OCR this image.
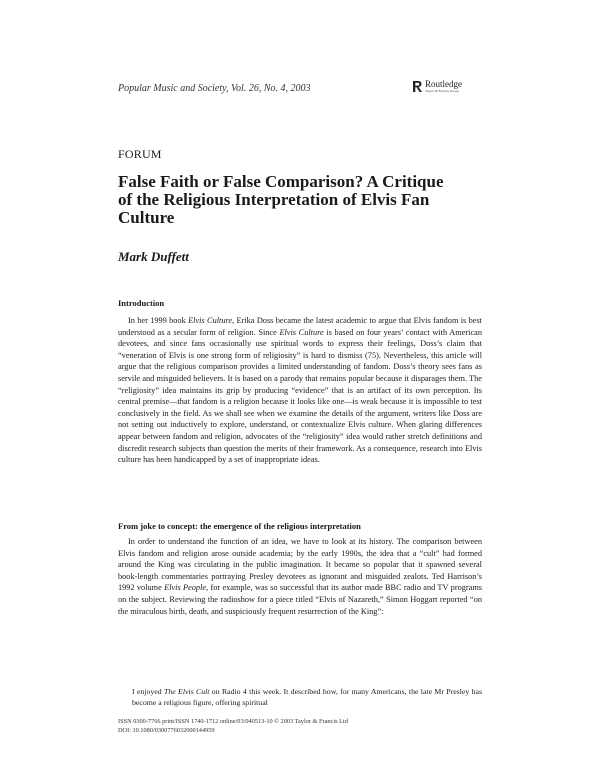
Popular Music and Society, Vol. 26, No. 4, 2003	Routledge
Taylor & Francis Group
FORUM
False Faith or False Comparison? A Critique of the Religious Interpretation of Elvis Fan Culture
Mark Duffett
Introduction

In her 1999 book Elvis Culture, Erika Doss became the latest academic to argue that Elvis fandom is best understood as a secular form of religion. Since Elvis Culture is based on four years’ contact with American devotees, and since fans occasionally use spiritual words to express their feelings, Doss’s claim that “veneration of Elvis is one strong form of religiosity” is hard to dismiss (75). Nevertheless, this article will argue that the religious comparison provides a limited understanding of fandom. Doss’s theory sees fans as servile and misguided believers. It is based on a parody that remains popular because it disparages them. The “religiosity” idea maintains its grip by producing “evidence” that is an artifact of its own perception. Its central premise—that fandom is a religion because it looks like one—is weak because it is impossible to test conclusively in the field. As we shall see when we examine the details of the argument, writers like Doss are not setting out inductively to explore, understand, or contextualize Elvis culture. When glaring differences appear between fandom and religion, advocates of the “religiosity” idea would rather stretch definitions and discredit research subjects than question the merits of their framework. As a consequence, research into Elvis culture has been handicapped by a set of inappropriate ideas.

From joke to concept: the emergence of the religious interpretation

In order to understand the function of an idea, we have to look at its history. The comparison between Elvis fandom and religion arose outside academia; by the early 1990s, the idea that a “cult” had formed around the King was circulating in the public imagination. It became so popular that it spawned several book-length commentaries portraying Presley devotees as ignorant and misguided zealots. Ted Harrison’s 1992 volume Elvis People, for example, was so successful that its author made BBC radio and TV programs on the subject. Reviewing the radioshow for a piece titled “Elvis of Nazareth,” Simon Hoggart reported “on the miraculous birth, death, and suspiciously frequent resurrection of the King”:

I enjoyed The Elvis Cult on Radio 4 this week. It described how, for many Americans, the late Mr Presley has become a religious figure, offering spiritual

ISSN 0300-7766 print/ISSN 1740-1712 online/03/040513-10 © 2003 Taylor & Francis Ltd
DOI: 10.1080/0300776032000144959
